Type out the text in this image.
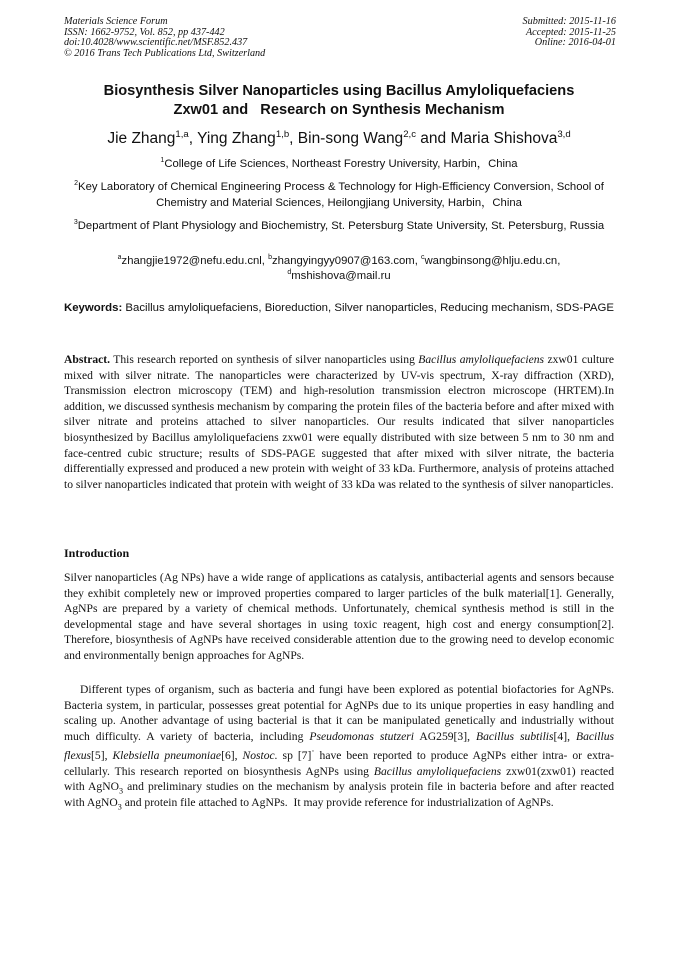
Materials Science Forum
ISSN: 1662-9752, Vol. 852, pp 437-442
doi:10.4028/www.scientific.net/MSF.852.437
© 2016 Trans Tech Publications Ltd, Switzerland
Submitted: 2015-11-16
Accepted: 2015-11-25
Online: 2016-04-01
Biosynthesis Silver Nanoparticles using Bacillus Amyloliquefaciens
Zxw01 and   Research on Synthesis Mechanism
Jie Zhang$^{1,a}$, Ying Zhang$^{1,b}$, Bin-song Wang$^{2,c}$ and Maria Shishova$^{3,d}$
$^1$College of Life Sciences, Northeast Forestry University, Harbin，China
$^2$Key Laboratory of Chemical Engineering Process & Technology for High-Efficiency Conversion, School of Chemistry and Material Sciences, Heilongjiang University, Harbin，China
$^3$Department of Plant Physiology and Biochemistry, St. Petersburg State University, St. Petersburg, Russia
$^a$zhangjie1972@nefu.edu.cnl, $^b$zhangyingyy0907@163.com, $^c$wangbinsong@hlju.edu.cn,
$^d$mshishova@mail.ru
Keywords: Bacillus amyloliquefaciens, Bioreduction, Silver nanoparticles, Reducing mechanism, SDS-PAGE

Abstract. This research reported on synthesis of silver nanoparticles using Bacillus amyloliquefaciens zxw01 culture mixed with silver nitrate. The nanoparticles were characterized by UV-vis spectrum, X-ray diffraction (XRD), Transmission electron microscopy (TEM) and high-resolution transmission electron microscope (HRTEM).In addition, we discussed synthesis mechanism by comparing the protein files of the bacteria before and after mixed with silver nitrate and proteins attached to silver nanoparticles. Our results indicated that silver nanoparticles biosynthesized by Bacillus amyloliquefaciens zxw01 were equally distributed with size between 5 nm to 30 nm and face-centred cubic structure; results of SDS-PAGE suggested that after mixed with silver nitrate, the bacteria differentially expressed and produced a new protein with weight of 33 kDa. Furthermore, analysis of proteins attached to silver nanoparticles indicated that protein with weight of 33 kDa was related to the synthesis of silver nanoparticles.

Introduction

Silver nanoparticles (Ag NPs) have a wide range of applications as catalysis, antibacterial agents and sensors because they exhibit completely new or improved properties compared to larger particles of the bulk material[1]. Generally, AgNPs are prepared by a variety of chemical methods. Unfortunately, chemical synthesis method is still in the developmental stage and have several shortages in using toxic reagent, high cost and energy consumption[2]. Therefore, biosynthesis of AgNPs have received considerable attention due to the growing need to develop economic and environmentally benign approaches for AgNPs.

Different types of organism, such as bacteria and fungi have been explored as potential biofactories for AgNPs. Bacteria system, in particular, possesses great potential for AgNPs due to its unique properties in easy handling and scaling up. Another advantage of using bacterial is that it can be manipulated genetically and industrially without much difficulty. A variety of bacteria, including Pseudomonas stutzeri AG259[3], Bacillus subtilis[4], Bacillus flexus[5], Klebsiella pneumoniae[6], Nostoc. sp [7]· have been reported to produce AgNPs either intra- or extra-cellularly. This research reported on biosynthesis AgNPs using Bacillus amyloliquefaciens zxw01(zxw01) reacted with AgNO$_3$ and preliminary studies on the mechanism by analysis protein file in bacteria before and after reacted with AgNO$_3$ and protein file attached to AgNPs.  It may provide reference for industrialization of AgNPs.
